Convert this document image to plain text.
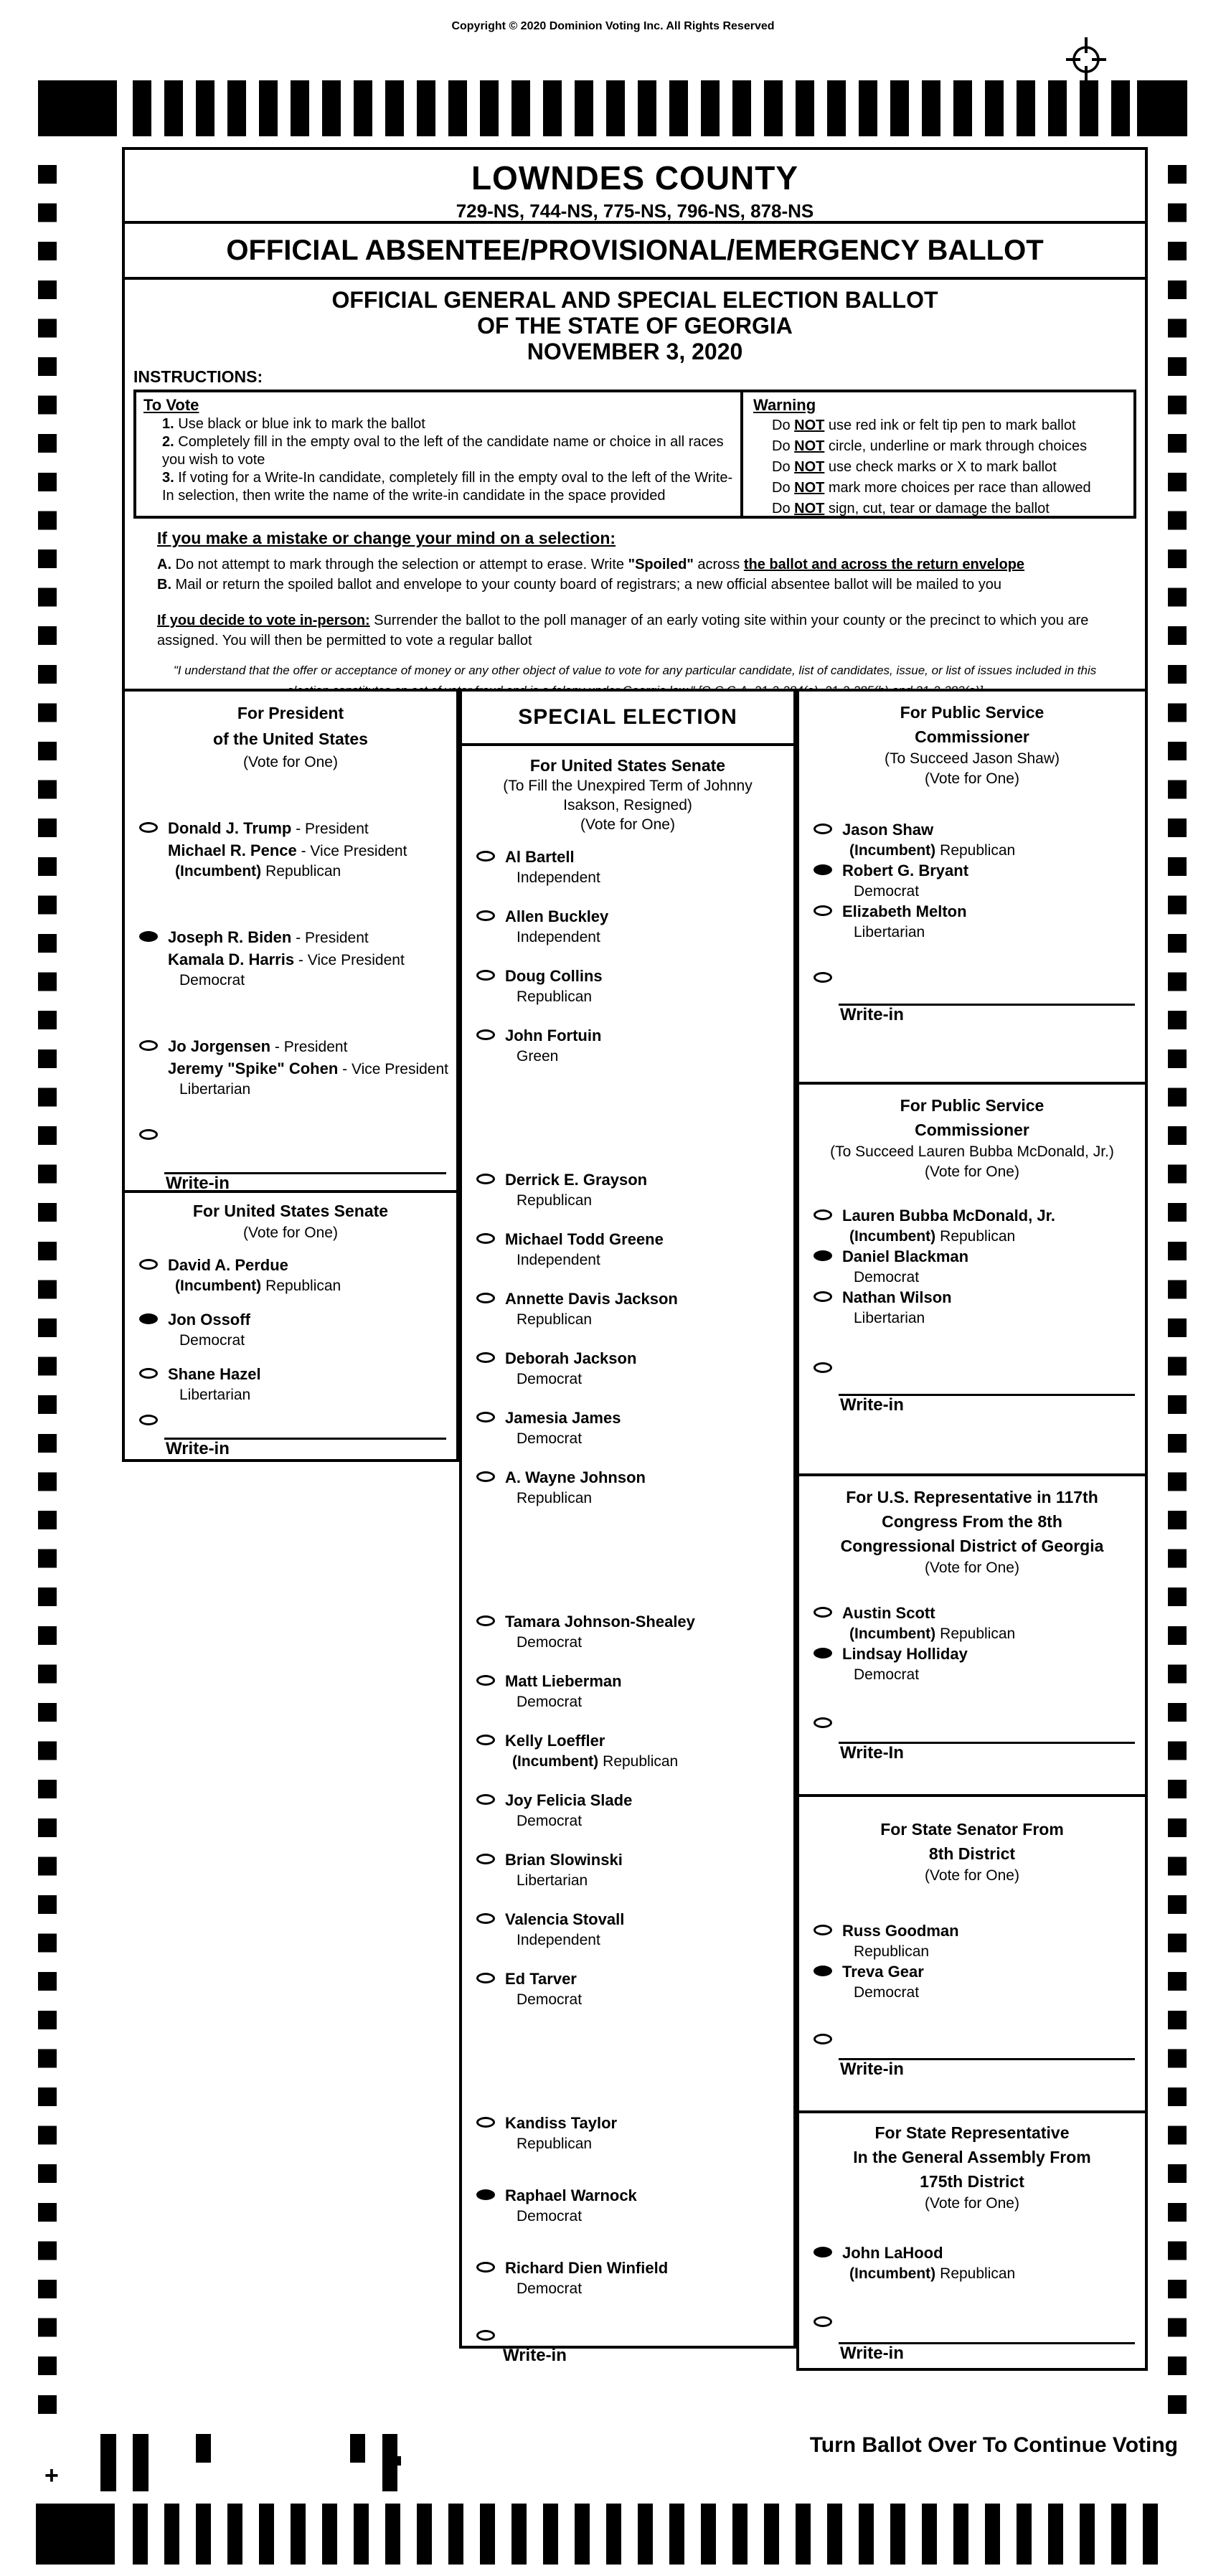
Copyright © 2020 Dominion Voting Inc. All Rights Reserved
LOWNDES COUNTY
729-NS, 744-NS, 775-NS, 796-NS, 878-NS
OFFICIAL ABSENTEE/PROVISIONAL/EMERGENCY BALLOT
OFFICIAL GENERAL AND SPECIAL ELECTION BALLOT
OF THE STATE OF GEORGIA
NOVEMBER 3, 2020
INSTRUCTIONS:
To Vote
1. Use black or blue ink to mark the ballot
2. Completely fill in the empty oval to the left of the candidate name or choice in all races you wish to vote
3. If voting for a Write-In candidate, completely fill in the empty oval to the left of the Write-In selection, then write the name of the write-in candidate in the space provided
Warning
Do NOT use red ink or felt tip pen to mark ballot
Do NOT circle, underline or mark through choices
Do NOT use check marks or X to mark ballot
Do NOT mark more choices per race than allowed
Do NOT sign, cut, tear or damage the ballot
If you make a mistake or change your mind on a selection:
A. Do not attempt to mark through the selection or attempt to erase. Write "Spoiled" across the ballot and across the return envelope
B. Mail or return the spoiled ballot and envelope to your county board of registrars; a new official absentee ballot will be mailed to you
If you decide to vote in-person: Surrender the ballot to the poll manager of an early voting site within your county or the precinct to which you are assigned. You will then be permitted to vote a regular ballot
"I understand that the offer or acceptance of money or any other object of value to vote for any particular candidate, list of candidates, issue, or list of issues included in this
For President
of the United States
(Vote for One)
Donald J. Trump - President
Michael R. Pence - Vice President
(Incumbent) Republican
Joseph R. Biden - President
Kamala D. Harris - Vice President
Democrat
Jo Jorgensen - President
Jeremy "Spike" Cohen - Vice President
Libertarian
Write-in
For United States Senate
(Vote for One)
David A. Perdue
(Incumbent) Republican
Jon Ossoff
Democrat
Shane Hazel
Libertarian
Write-in
SPECIAL ELECTION
For United States Senate
(To Fill the Unexpired Term of Johnny
Isakson, Resigned)
(Vote for One)
Al Bartell
Independent
Allen Buckley
Independent
Doug Collins
Republican
John Fortuin
Green
Derrick E. Grayson
Republican
Michael Todd Greene
Independent
Annette Davis Jackson
Republican
Deborah Jackson
Democrat
Jamesia James
Democrat
A. Wayne Johnson
Republican
Tamara Johnson-Shealey
Democrat
Matt Lieberman
Democrat
Kelly Loeffler
(Incumbent) Republican
Joy Felicia Slade
Democrat
Brian Slowinski
Libertarian
Valencia Stovall
Independent
Ed Tarver
Democrat
Kandiss Taylor
Republican
Raphael Warnock
Democrat
Richard Dien Winfield
Democrat
Write-in
For Public Service
Commissioner
(To Succeed Jason Shaw)
(Vote for One)
Jason Shaw
(Incumbent) Republican
Robert G. Bryant
Democrat
Elizabeth Melton
Libertarian
Write-in
For Public Service
Commissioner
(To Succeed Lauren Bubba McDonald, Jr.)
(Vote for One)
Lauren Bubba McDonald, Jr.
(Incumbent) Republican
Daniel Blackman
Democrat
Nathan Wilson
Libertarian
Write-in
For U.S. Representative in 117th
Congress From the 8th
Congressional District of Georgia
(Vote for One)
Austin Scott
(Incumbent) Republican
Lindsay Holliday
Democrat
Write-In
For State Senator From
8th District
(Vote for One)
Russ Goodman
Republican
Treva Gear
Democrat
Write-in
For State Representative
In the General Assembly From
175th District
(Vote for One)
John LaHood
(Incumbent) Republican
Write-in
Turn Ballot Over To Continue Voting
+
